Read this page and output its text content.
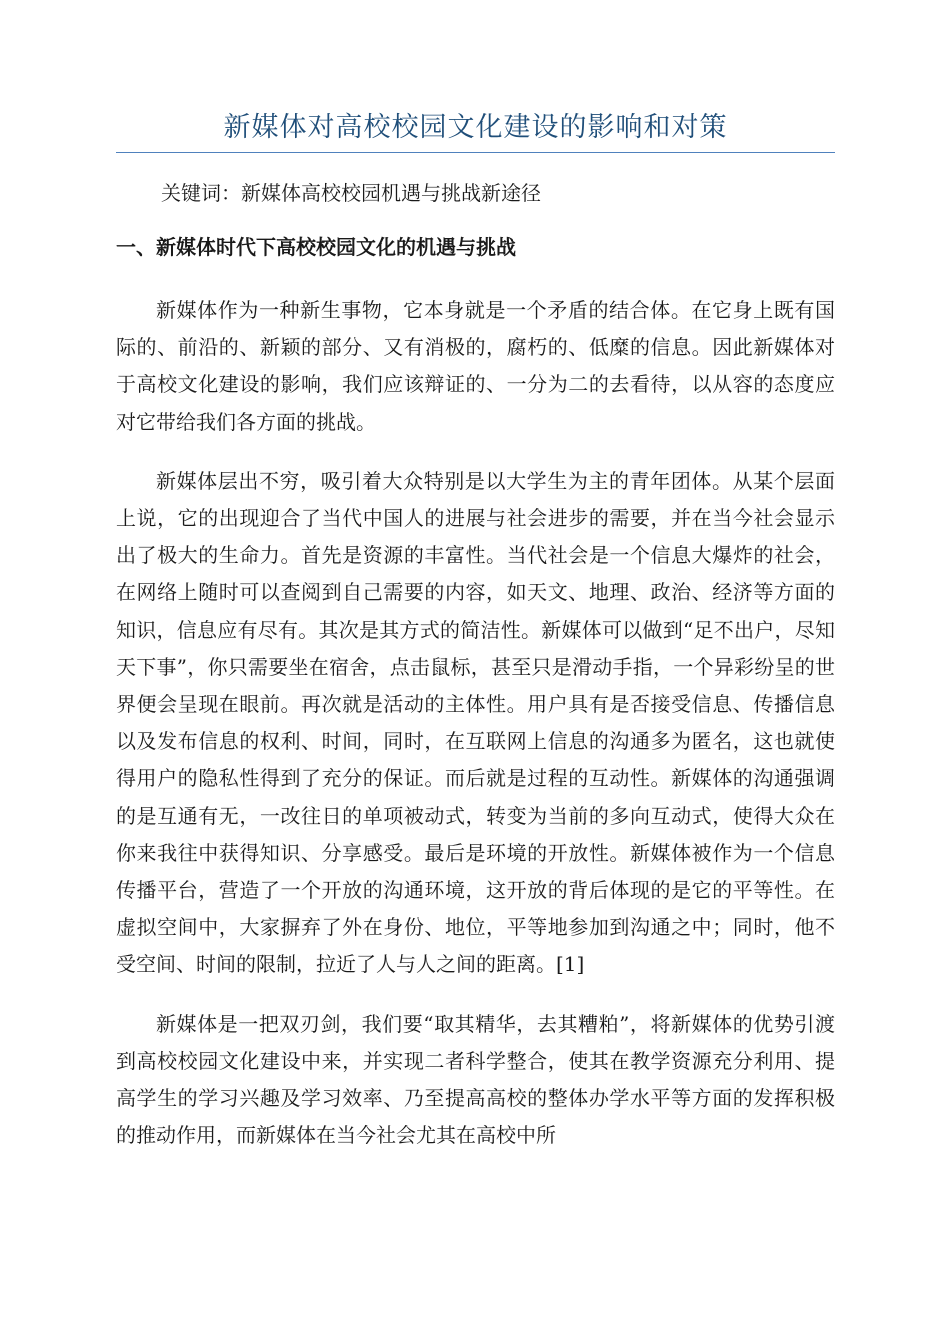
新媒体对高校校园文化建设的影响和对策
关键词：新媒体高校校园机遇与挑战新途径
一、新媒体时代下高校校园文化的机遇与挑战

新媒体作为一种新生事物，它本身就是一个矛盾的结合体。在它身上既有国际的、前沿的、新颖的部分、又有消极的，腐朽的、低糜的信息。因此新媒体对于高校文化建设的影响，我们应该辩证的、一分为二的去看待，以从容的态度应对它带给我们各方面的挑战。

新媒体层出不穷，吸引着大众特别是以大学生为主的青年团体。从某个层面上说，它的出现迎合了当代中国人的进展与社会进步的需要，并在当今社会显示出了极大的生命力。首先是资源的丰富性。当代社会是一个信息大爆炸的社会，在网络上随时可以查阅到自己需要的内容，如天文、地理、政治、经济等方面的知识，信息应有尽有。其次是其方式的简洁性。新媒体可以做到“足不出户，尽知天下事”，你只需要坐在宿舍，点击鼠标，甚至只是滑动手指，一个异彩纷呈的世界便会呈现在眼前。再次就是活动的主体性。用户具有是否接受信息、传播信息以及发布信息的权利、时间，同时，在互联网上信息的沟通多为匿名，这也就使得用户的隐私性得到了充分的保证。而后就是过程的互动性。新媒体的沟通强调的是互通有无，一改往日的单项被动式，转变为当前的多向互动式，使得大众在你来我往中获得知识、分享感受。最后是环境的开放性。新媒体被作为一个信息传播平台，营造了一个开放的沟通环境，这开放的背后体现的是它的平等性。在虚拟空间中，大家摒弃了外在身份、地位，平等地参加到沟通之中；同时，他不受空间、时间的限制，拉近了人与人之间的距离。[1]

新媒体是一把双刃剑，我们要“取其精华，去其糟粕”，将新媒体的优势引渡到高校校园文化建设中来，并实现二者科学整合，使其在教学资源充分利用、提高学生的学习兴趣及学习效率、乃至提高高校的整体办学水平等方面的发挥积极的推动作用，而新媒体在当今社会尤其在高校中所
